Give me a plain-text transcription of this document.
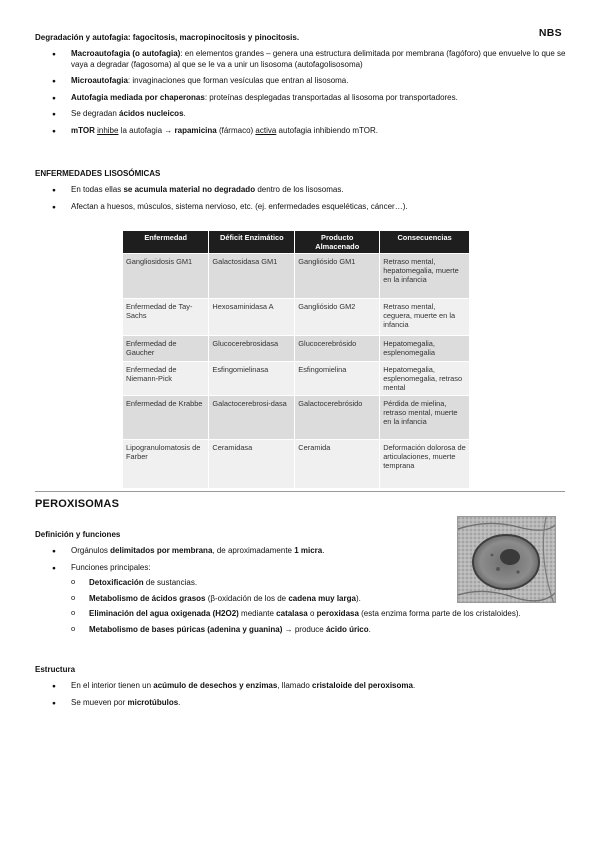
Degradación y autofagia: fagocitosis, macropinocitosis y pinocitosis.	NBS
● Macroautofagia (o autofagia): en elementos grandes – genera una estructura delimitada por membrana (fagóforo) que envuelve lo que se vaya a degradar (fagosoma) al que se le va a unir un lisosoma (autofagolisosoma)
● Microautofagia: invaginaciones que forman vesículas que entran al lisosoma.
● Autofagia mediada por chaperonas: proteínas desplegadas transportadas al lisosoma por transportadores.
● Se degradan ácidos nucleicos.
● mTOR inhibe la autofagia → rapamicina (fármaco) activa autofagia inhibiendo mTOR.
ENFERMEDADES LISOSÓMICAS
● En todas ellas se acumula material no degradado dentro de los lisosomas.
● Afectan a huesos, músculos, sistema nervioso, etc. (ej. enfermedades esqueléticas, cáncer…).
Enfermedad	Déficit Enzimático	Producto Almacenado	Consecuencias
Gangliosidosis GM1	Galactosidasa GM1	Gangliósido GM1	Retraso mental, hepatomegalia, muerte en la infancia
Enfermedad de Tay-Sachs	Hexosaminidasa A	Gangliósido GM2	Retraso mental, ceguera, muerte en la infancia
Enfermedad de Gaucher	Glucocerebrosidasa	Glucocerebrósido	Hepatomegalia, esplenomegalia
Enfermedad de Niemann-Pick	Esfingomielinasa	Esfingomielina	Hepatomegalia, esplenomegalia, retraso mental
Enfermedad de Krabbe	Galactocerebrosi-dasa	Galactocerebrósido	Pérdida de mielina, retraso mental, muerte en la infancia
Lipogranulomatosis de Farber	Ceramidasa	Ceramida	Deformación dolorosa de articulaciones, muerte temprana
PEROXISOMAS
Definición y funciones
● Orgánulos delimitados por membrana, de aproximadamente 1 micra.
● Funciones principales:
o Detoxificación de sustancias.
o Metabolismo de ácidos grasos (β-oxidación de los de cadena muy larga).
o Eliminación del agua oxigenada (H2O2) mediante catalasa o peroxidasa (esta enzima forma parte de los cristaloides).
o Metabolismo de bases púricas (adenina y guanina) → produce ácido úrico.
Estructura
● En el interior tienen un acúmulo de desechos y enzimas, llamado cristaloide del peroxisoma.
● Se mueven por microtúbulos.
